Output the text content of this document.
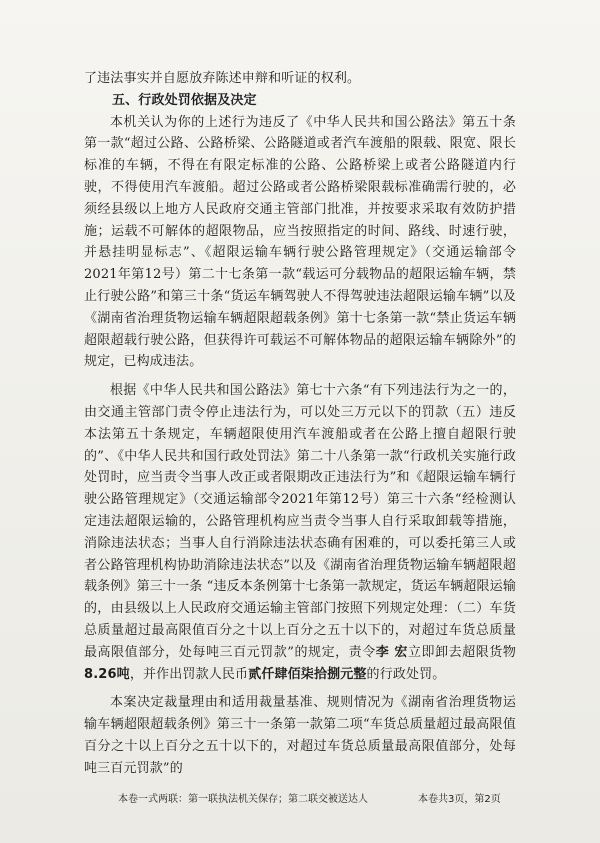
了违法事实并自愿放弃陈述申辩和听证的权利。

五、行政处罚依据及决定

本机关认为你的上述行为违反了《中华人民共和国公路法》第五十条第一款“超过公路、公路桥梁、公路隧道或者汽车渡船的限载、限宽、限长标准的车辆，不得在有限定标准的公路、公路桥梁上或者公路隧道内行驶，不得使用汽车渡船。超过公路或者公路桥梁限载标准确需行驶的，必须经县级以上地方人民政府交通主管部门批准，并按要求采取有效防护措施；运载不可解体的超限物品，应当按照指定的时间、路线、时速行驶，并悬挂明显标志”、《超限运输车辆行驶公路管理规定》（交通运输部令2021年第12号）第二十七条第一款“载运可分载物品的超限运输车辆，禁止行驶公路”和第三十条“货运车辆驾驶人不得驾驶违法超限运输车辆”以及《湖南省治理货物运输车辆超限超载条例》第十七条第一款“禁止货运车辆超限超载行驶公路，但获得许可载运不可解体物品的超限运输车辆除外”的规定，已构成违法。

根据《中华人民共和国公路法》第七十六条“有下列违法行为之一的，由交通主管部门责令停止违法行为，可以处三万元以下的罚款（五）违反本法第五十条规定，车辆超限使用汽车渡船或者在公路上擅自超限行驶的”、《中华人民共和国行政处罚法》第二十八条第一款“行政机关实施行政处罚时，应当责令当事人改正或者限期改正违法行为”和《超限运输车辆行驶公路管理规定》（交通运输部令2021年第12号）第三十六条“经检测认定违法超限运输的，公路管理机构应当责令当事人自行采取卸载等措施，消除违法状态；当事人自行消除违法状态确有困难的，可以委托第三人或者公路管理机构协助消除违法状态”以及《湖南省治理货物运输车辆超限超载条例》第三十一条 “违反本条例第十七条第一款规定，货运车辆超限运输的，由县级以上人民政府交通运输主管部门按照下列规定处理：（二）车货总质量超过最高限值百分之十以上百分之五十以下的，对超过车货总质量最高限值部分，处每吨三百元罚款”的规定，责令李 宏立即卸去超限货物8.26吨，并作出罚款人民币贰仟肆佰柒拾捌元整的行政处罚。

本案决定裁量理由和适用裁量基准、规则情况为《湖南省治理货物运输车辆超限超载条例》第三十一条第一款第二项“车货总质量超过最高限值百分之十以上百分之五十以下的，对超过车货总质量最高限值部分，处每吨三百元罚款”的

本卷一式两联：第一联执法机关保存；第二联交被送达人	本卷共3页，第2页
